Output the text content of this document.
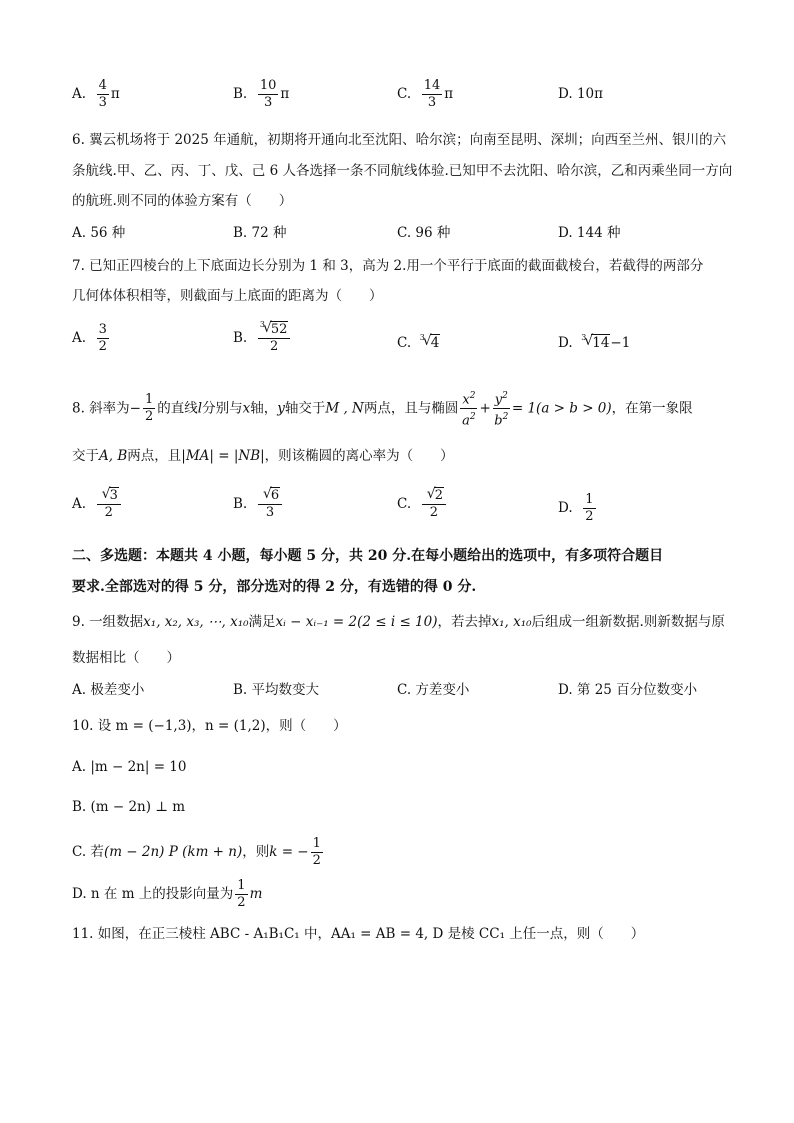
A. $\frac{4}{3}$ π	B. $\frac{10}{3}$ π	C. $\frac{14}{3}$ π	D. 10π
6. 翼云机场将于 2025 年通航，初期将开通向北至沈阳、哈尔滨；向南至昆明、深圳；向西至兰州、银川的六
条航线.甲、乙、丙、丁、戊、己 6 人各选择一条不同航线体验.已知甲不去沈阳、哈尔滨，乙和丙乘坐同一方向
的航班.则不同的体验方案有（　　）
A. 56 种	B. 72 种	C. 96 种	D. 144 种
7. 已知正四棱台的上下底面边长分别为 1 和 3，高为 2.用一个平行于底面的截面截棱台，若截得的两部分
几何体体积相等，则截面与上底面的距离为（　　）
A. $\frac{3}{2}$	B. √ $\frac{3 52}{2}$	C. √ 3 4	D. √ 3 14−1
8. 斜率为− $\frac{1}{2}$ 的直线l分别与x轴，y轴交于M , N两点，且与椭圆 $\frac{x^2}{a^2} + \frac{y^2}{b^2} = 1(a > b > 0)$，在第一象限
交于A, B两点，且|MA| = |NB|，则该椭圆的离心率为（　　）
A. √ $\frac{3}{2}$	B. √ $\frac{6}{3}$	C. √ $\frac{2}{2}$	D. $\frac{1}{2}$
二、多选题：本题共 4 小题，每小题 5 分，共 20 分.在每小题给出的选项中，有多项符合题目
要求.全部选对的得 5 分，部分选对的得 2 分，有选错的得 0 分.
9. 一组数据x₁, x₂, x₃, ⋯, x₁₀满足xᵢ − xᵢ₋₁ = 2(2 ≤ i ≤ 10)，若去掉x₁, x₁₀后组成一组新数据.则新数据与原
数据相比（　　）
A. 极差变小	B. 平均数变大	C. 方差变小	D. 第 25 百分位数变小
10. 设 m = (−1,3)，n = (1,2)，则（　　）
A. |m − 2n| = 10
B. (m − 2n) ⊥ m
C. 若(m − 2n) P (km + n)，则k = − $\frac{1}{2}$
D. n 在 m 上的投影向量为 $\frac{1}{2}$ m
11. 如图，在正三棱柱 ABC - A₁B₁C₁ 中，AA₁ = AB = 4, D 是棱 CC₁ 上任一点，则（　　）
